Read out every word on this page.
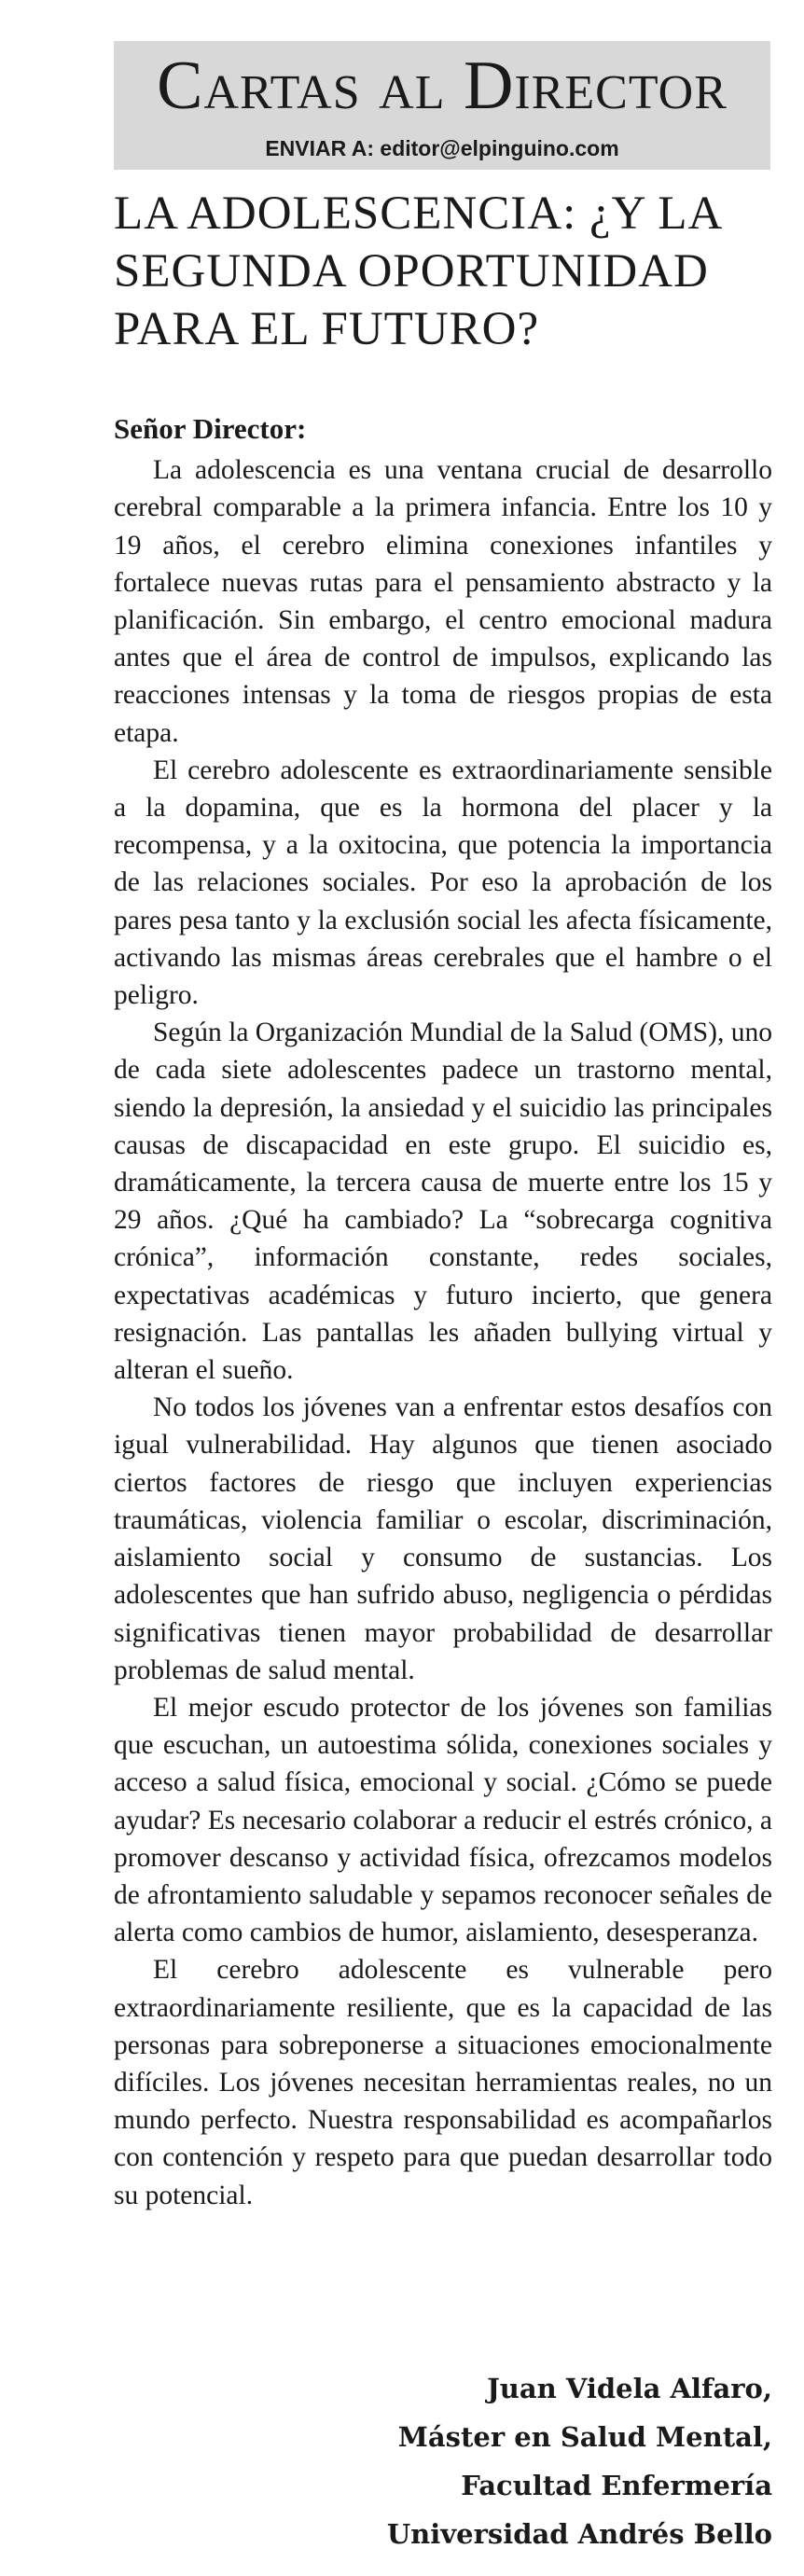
Cartas al Director
ENVIAR A: editor@elpinguino.com
LA ADOLESCENCIA: ¿Y LA
SEGUNDA OPORTUNIDAD
PARA EL FUTURO?
Señor Director:

La adolescencia es una ventana crucial de desarrollo cerebral comparable a la primera infancia. Entre los 10 y 19 años, el cerebro elimina conexiones infantiles y fortalece nuevas rutas para el pensamiento abstracto y la planificación. Sin embargo, el centro emocional madura antes que el área de control de impulsos, explicando las reacciones intensas y la toma de riesgos propias de esta etapa.

El cerebro adolescente es extraordinariamente sensible a la dopamina, que es la hormona del placer y la recompensa, y a la oxitocina, que potencia la importancia de las relaciones sociales. Por eso la aprobación de los pares pesa tanto y la exclusión social les afecta físicamente, activando las mismas áreas cerebrales que el hambre o el peligro.

Según la Organización Mundial de la Salud (OMS), uno de cada siete adolescentes padece un trastorno mental, siendo la depresión, la ansiedad y el suicidio las principales causas de discapacidad en este grupo. El suicidio es, dramáticamente, la tercera causa de muerte entre los 15 y 29 años. ¿Qué ha cambiado? La “sobrecarga cognitiva crónica”, información constante, redes sociales, expectativas académicas y futuro incierto, que genera resignación. Las pantallas les añaden bullying virtual y alteran el sueño.

No todos los jóvenes van a enfrentar estos desafíos con igual vulnerabilidad. Hay algunos que tienen asociado ciertos factores de riesgo que incluyen experiencias traumáticas, violencia familiar o escolar, discriminación, aislamiento social y consumo de sustancias. Los adolescentes que han sufrido abuso, negligencia o pérdidas significativas tienen mayor probabilidad de desarrollar problemas de salud mental.

El mejor escudo protector de los jóvenes son familias que escuchan, un autoestima sólida, conexiones sociales y acceso a salud física, emocional y social. ¿Cómo se puede ayudar? Es necesario colaborar a reducir el estrés crónico, a promover descanso y actividad física, ofrezcamos modelos de afrontamiento saludable y sepamos reconocer señales de alerta como cambios de humor, aislamiento, desesperanza.

El cerebro adolescente es vulnerable pero extraordinariamente resiliente, que es la capacidad de las personas para sobreponerse a situaciones emocionalmente difíciles. Los jóvenes necesitan herramientas reales, no un mundo perfecto. Nuestra responsabilidad es acompañarlos con contención y respeto para que puedan desarrollar todo su potencial.

Juan Videla Alfaro,
Máster en Salud Mental,
Facultad Enfermería
Universidad Andrés Bello
